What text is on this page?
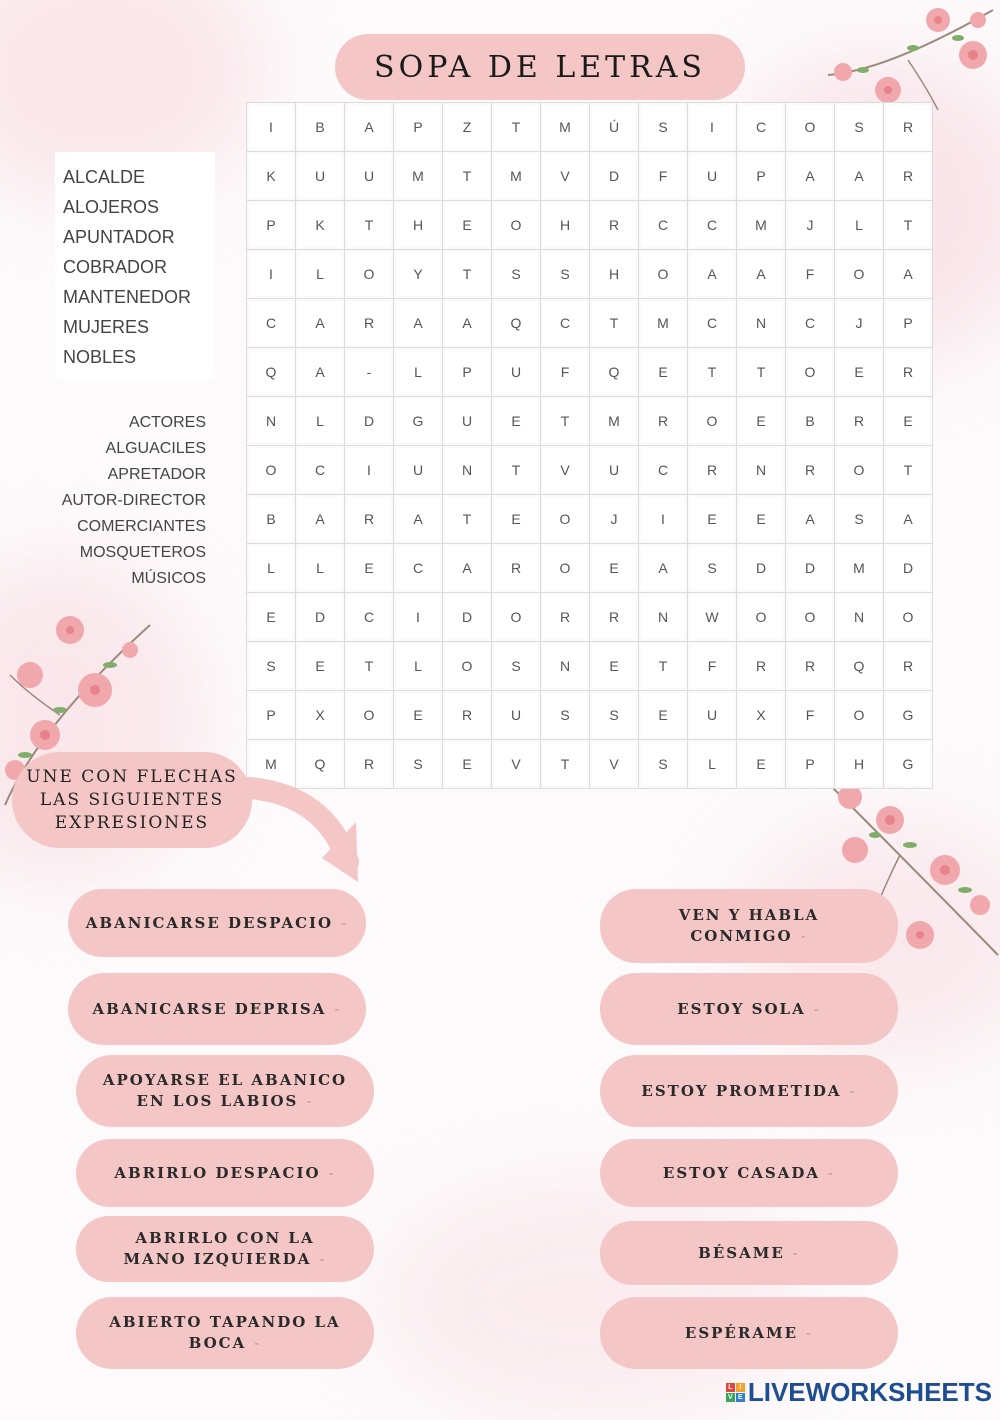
SOPA DE LETRAS
I	B	A	P	Z	T	M	Ú	S	I	C	O	S	R
K	U	U	M	T	M	V	D	F	U	P	A	A	R
P	K	T	H	E	O	H	R	C	C	M	J	L	T
I	L	O	Y	T	S	S	H	O	A	A	F	O	A
C	A	R	A	A	Q	C	T	M	C	N	C	J	P
Q	A	-	L	P	U	F	Q	E	T	T	O	E	R
N	L	D	G	U	E	T	M	R	O	E	B	R	E
O	C	I	U	N	T	V	U	C	R	N	R	O	T
B	A	R	A	T	E	O	J	I	E	E	A	S	A
L	L	E	C	A	R	O	E	A	S	D	D	M	D
E	D	C	I	D	O	R	R	N	W	O	O	N	O
S	E	T	L	O	S	N	E	T	F	R	R	Q	R
P	X	O	E	R	U	S	S	E	U	X	F	O	G
M	Q	R	S	E	V	T	V	S	L	E	P	H	G
ALCALDE
ALOJEROS
APUNTADOR
COBRADOR
MANTENEDOR
MUJERES
NOBLES
ACTORES
ALGUACILES
APRETADOR
AUTOR-DIRECTOR
COMERCIANTES
MOSQUETEROS
MÚSICOS
UNE CON FLECHAS
LAS SIGUIENTES
EXPRESIONES
ABANICARSE DESPACIO -
ABANICARSE DEPRISA -
APOYARSE EL ABANICO
EN LOS LABIOS -
ABRIRLO DESPACIO -
ABRIRLO CON LA
MANO IZQUIERDA -
ABIERTO TAPANDO LA
BOCA -
VEN Y HABLA
CONMIGO -
ESTOY SOLA -
ESTOY PROMETIDA -
ESTOY CASADA -
BÉSAME -
ESPÉRAME -
L I
V E LIVEWORKSHEETS
